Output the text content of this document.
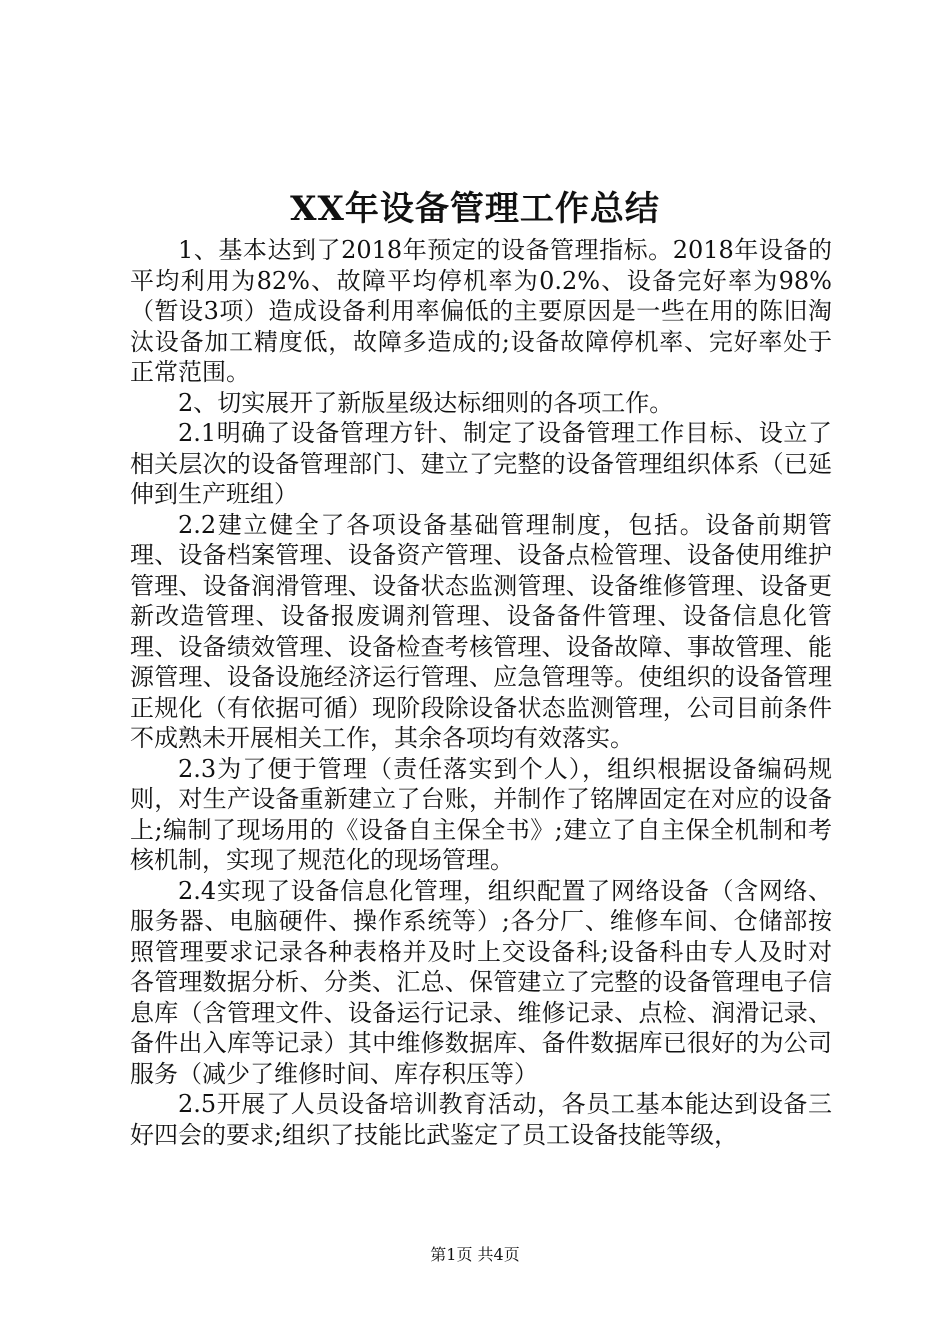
XX年设备管理工作总结

1、基本达到了2018年预定的设备管理指标。2018年设备的平均利用为82%、故障平均停机率为0.2%、设备完好率为98%（暂设3项）造成设备利用率偏低的主要原因是一些在用的陈旧淘汰设备加工精度低，故障多造成的;设备故障停机率、完好率处于正常范围。

2、切实展开了新版星级达标细则的各项工作。

2.1明确了设备管理方针、制定了设备管理工作目标、设立了相关层次的设备管理部门、建立了完整的设备管理组织体系（已延伸到生产班组）

2.2建立健全了各项设备基础管理制度，包括。设备前期管理、设备档案管理、设备资产管理、设备点检管理、设备使用维护管理、设备润滑管理、设备状态监测管理、设备维修管理、设备更新改造管理、设备报废调剂管理、设备备件管理、设备信息化管理、设备绩效管理、设备检查考核管理、设备故障、事故管理、能源管理、设备设施经济运行管理、应急管理等。使组织的设备管理正规化（有依据可循）现阶段除设备状态监测管理，公司目前条件不成熟未开展相关工作，其余各项均有效落实。

2.3为了便于管理（责任落实到个人），组织根据设备编码规则，对生产设备重新建立了台账，并制作了铭牌固定在对应的设备上;编制了现场用的《设备自主保全书》;建立了自主保全机制和考核机制，实现了规范化的现场管理。

2.4实现了设备信息化管理，组织配置了网络设备（含网络、服务器、电脑硬件、操作系统等）;各分厂、维修车间、仓储部按照管理要求记录各种表格并及时上交设备科;设备科由专人及时对各管理数据分析、分类、汇总、保管建立了完整的设备管理电子信息库（含管理文件、设备运行记录、维修记录、点检、润滑记录、备件出入库等记录）其中维修数据库、备件数据库已很好的为公司服务（减少了维修时间、库存积压等）

2.5开展了人员设备培训教育活动，各员工基本能达到设备三好四会的要求;组织了技能比武鉴定了员工设备技能等级，

第1页 共4页
